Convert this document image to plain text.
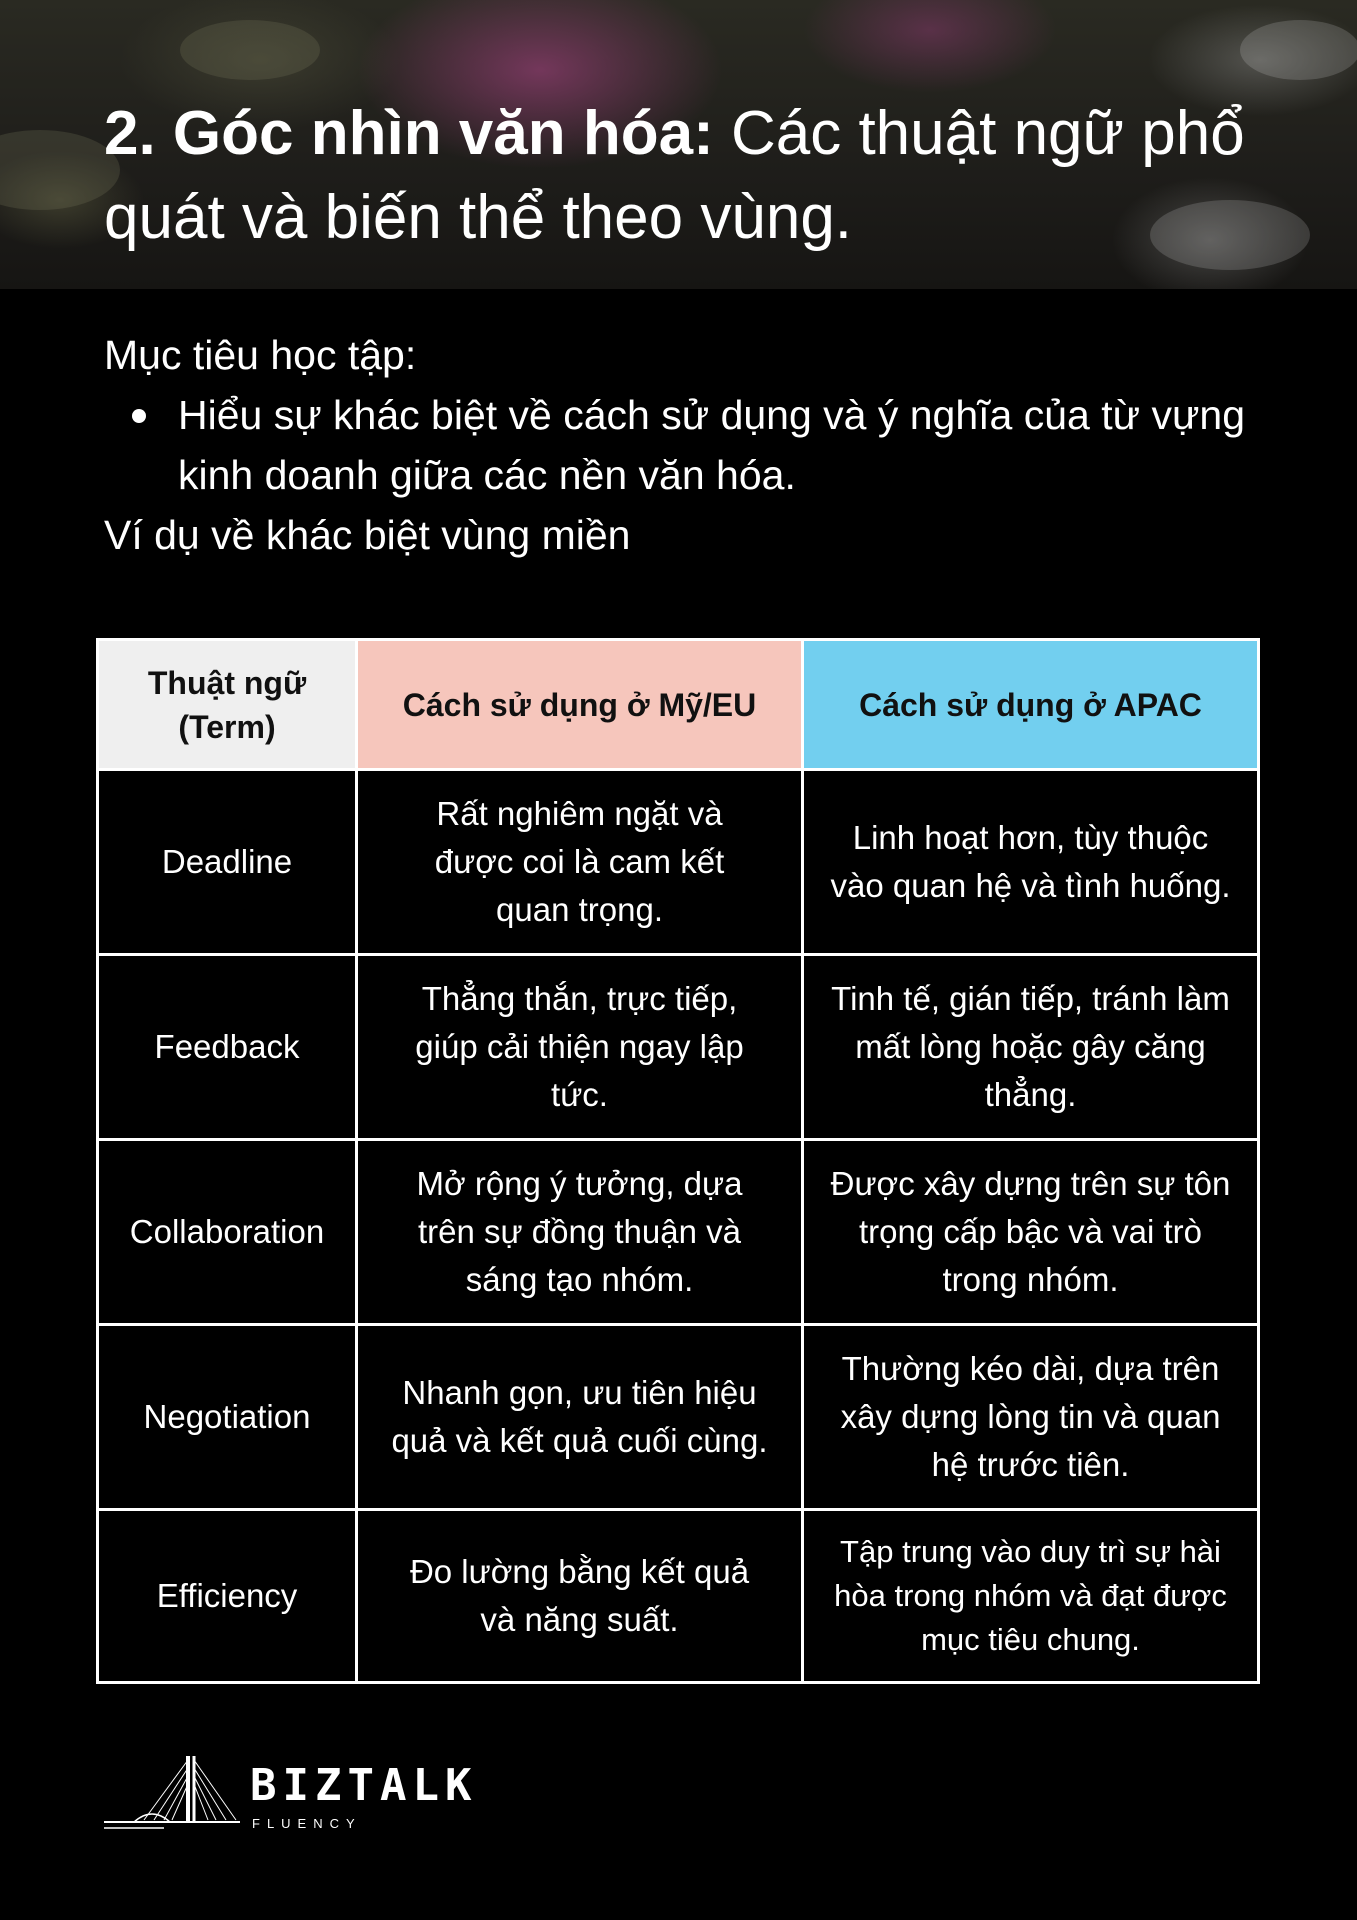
2. Góc nhìn văn hóa: Các thuật ngữ phổ quát và biến thể theo vùng.
Mục tiêu học tập:
Hiểu sự khác biệt về cách sử dụng và ý nghĩa của từ vựng kinh doanh giữa các nền văn hóa.
Ví dụ về khác biệt vùng miền
Thuật ngữ (Term)	Cách sử dụng ở Mỹ/EU	Cách sử dụng ở APAC
Deadline	Rất nghiêm ngặt và được coi là cam kết quan trọng.	Linh hoạt hơn, tùy thuộc vào quan hệ và tình huống.
Feedback	Thẳng thắn, trực tiếp, giúp cải thiện ngay lập tức.	Tinh tế, gián tiếp, tránh làm mất lòng hoặc gây căng thẳng.
Collaboration	Mở rộng ý tưởng, dựa trên sự đồng thuận và sáng tạo nhóm.	Được xây dựng trên sự tôn trọng cấp bậc và vai trò trong nhóm.
Negotiation	Nhanh gọn, ưu tiên hiệu quả và kết quả cuối cùng.	Thường kéo dài, dựa trên xây dựng lòng tin và quan hệ trước tiên.
Efficiency	Đo lường bằng kết quả và năng suất.	Tập trung vào duy trì sự hài hòa trong nhóm và đạt được mục tiêu chung.
BIZTALK
FLUENCY
